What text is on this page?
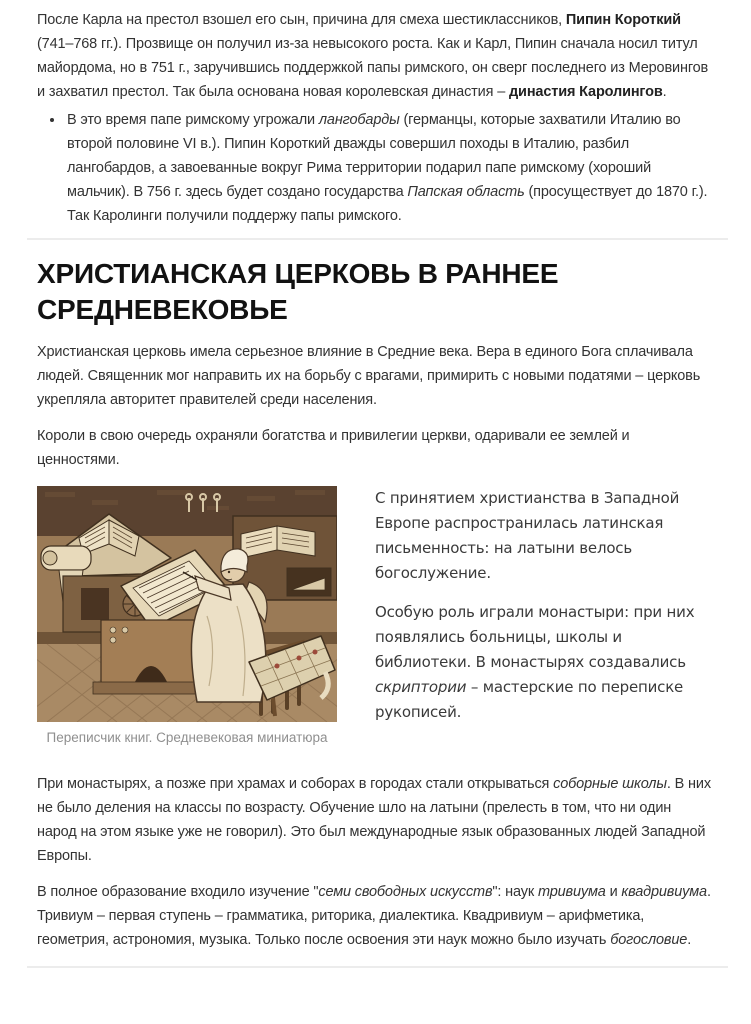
После Карла на престол взошел его сын, причина для смеха шестиклассников, Пипин Короткий (741–768 гг.). Прозвище он получил из-за невысокого роста. Как и Карл, Пипин сначала носил титул майордома, но в 751 г., заручившись поддержкой папы римского, он сверг последнего из Меровингов и захватил престол. Так была основана новая королевская династия – династия Каролингов.

• В это время папе римскому угрожали лангобарды (германцы, которые захватили Италию во второй половине VI в.). Пипин Короткий дважды совершил походы в Италию, разбил лангобардов, а завоеванные вокруг Рима территории подарил папе римскому (хороший мальчик). В 756 г. здесь будет создано государства Папская область (просуществует до 1870 г.). Так Каролинги получили поддержу папы римского.
ХРИСТИАНСКАЯ ЦЕРКОВЬ В РАННЕЕ СРЕДНЕВЕКОВЬЕ

Христианская церковь имела серьезное влияние в Средние века. Вера в единого Бога сплачивала людей. Священник мог направить их на борьбу с врагами, примирить с новыми податями – церковь укрепляла авторитет правителей среди населения.

Короли в свою очередь охраняли богатства и привилегии церкви, одаривали ее землей и ценностями.

Переписчик книг. Средневековая миниатюра

С принятием христианства в Западной Европе распространилась латинская письменность: на латыни велось богослужение.

Особую роль играли монастыри: при них появлялись больницы, школы и библиотеки. В монастырях создавались скриптории – мастерские по переписке рукописей.

При монастырях, а позже при храмах и соборах в городах стали открываться соборные школы. В них не было деления на классы по возрасту. Обучение шло на латыни (прелесть в том, что ни один народ на этом языке уже не говорил). Это был международные язык образованных людей Западной Европы.

В полное образование входило изучение "семи свободных искусств": наук тривиума и квадривиума. Тривиум – первая ступень – грамматика, риторика, диалектика. Квадривиум – арифметика, геометрия, астрономия, музыка. Только после освоения эти наук можно было изучать богословие.
